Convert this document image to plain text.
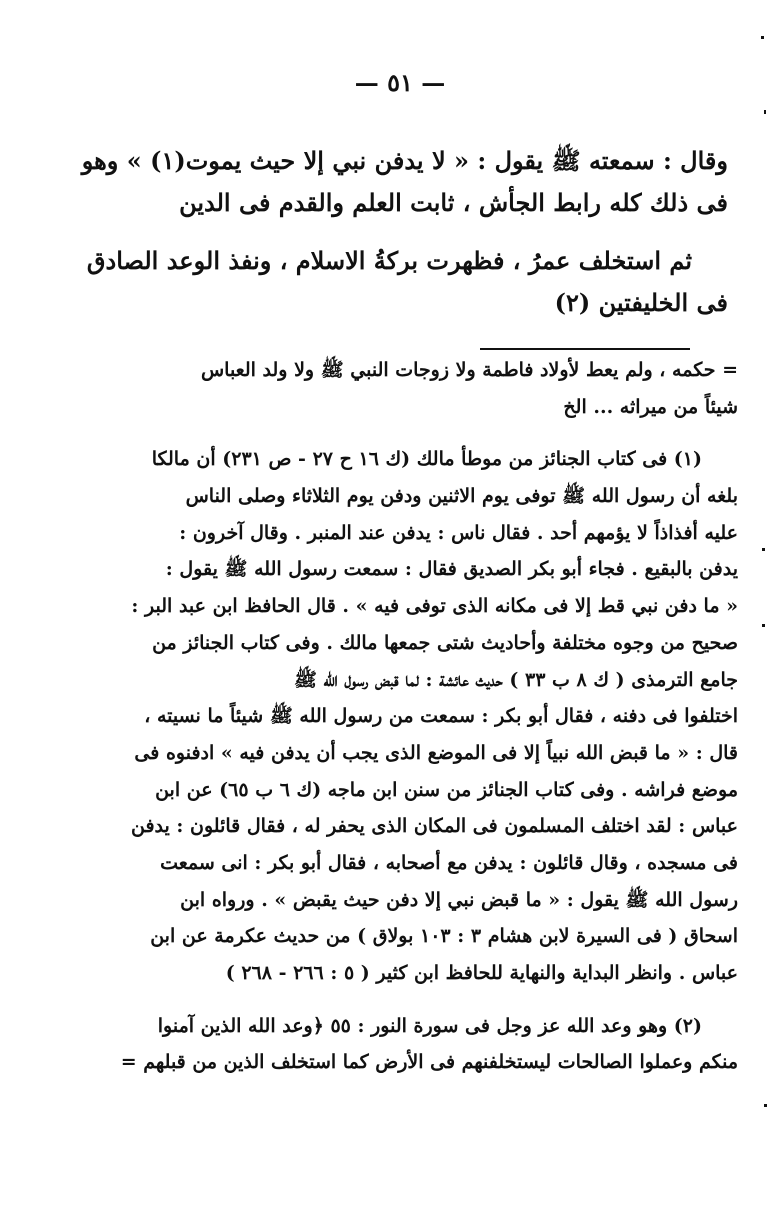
— ٥١ —
وقال : سمعته ﷺ يقول : « لا يدفن نبي إلا حيث يموت(١) » وهو
فى ذلك كله رابط الجأش ، ثابت العلم والقدم فى الدين
ثم استخلف عمرُ ، فظهرت بركةُ الاسلام ، ونفذ الوعد الصادق
فى الخليفتين (٢)
= حكمه ، ولم يعط لأولاد فاطمة ولا زوجات النبي ﷺ ولا ولد العباس
شيئاً من ميراثه ... الخ
(١) فى كتاب الجنائز من موطأ مالك (ك ١٦ ح ٢٧ - ص ٢٣١) أن مالكا
بلغه أن رسول الله ﷺ توفى يوم الاثنين ودفن يوم الثلاثاء وصلى الناس
عليه أفذاذاً لا يؤمهم أحد . فقال ناس : يدفن عند المنبر . وقال آخرون :
يدفن بالبقيع . فجاء أبو بكر الصديق فقال : سمعت رسول الله ﷺ يقول :
« ما دفن نبي قط إلا فى مكانه الذى توفى فيه » . قال الحافظ ابن عبد البر :
صحيح من وجوه مختلفة وأحاديث شتى جمعها مالك . وفى كتاب الجنائز من
جامع الترمذى ( ك ٨ ب ٣٣ ) حديث عائشة : لما قبض رسول الله ﷺ
اختلفوا فى دفنه ، فقال أبو بكر : سمعت من رسول الله ﷺ شيئاً ما نسيته ،
قال : « ما قبض الله نبياً إلا فى الموضع الذى يجب أن يدفن فيه » ادفنوه فى
موضع فراشه . وفى كتاب الجنائز من سنن ابن ماجه (ك ٦ ب ٦٥) عن ابن
عباس : لقد اختلف المسلمون فى المكان الذى يحفر له ، فقال قائلون : يدفن
فى مسجده ، وقال قائلون : يدفن مع أصحابه ، فقال أبو بكر : انى سمعت
رسول الله ﷺ يقول : « ما قبض نبي إلا دفن حيث يقبض » . ورواه ابن
اسحاق ( فى السيرة لابن هشام ٣ : ١٠٣ بولاق ) من حديث عكرمة عن ابن
عباس . وانظر البداية والنهاية للحافظ ابن كثير ( ٥ : ٢٦٦ - ٢٦٨ )
(٢) وهو وعد الله عز وجل فى سورة النور : ٥٥ ﴿وعد الله الذين آمنوا
منكم وعملوا الصالحات ليستخلفنهم فى الأرض كما استخلف الذين من قبلهم =
